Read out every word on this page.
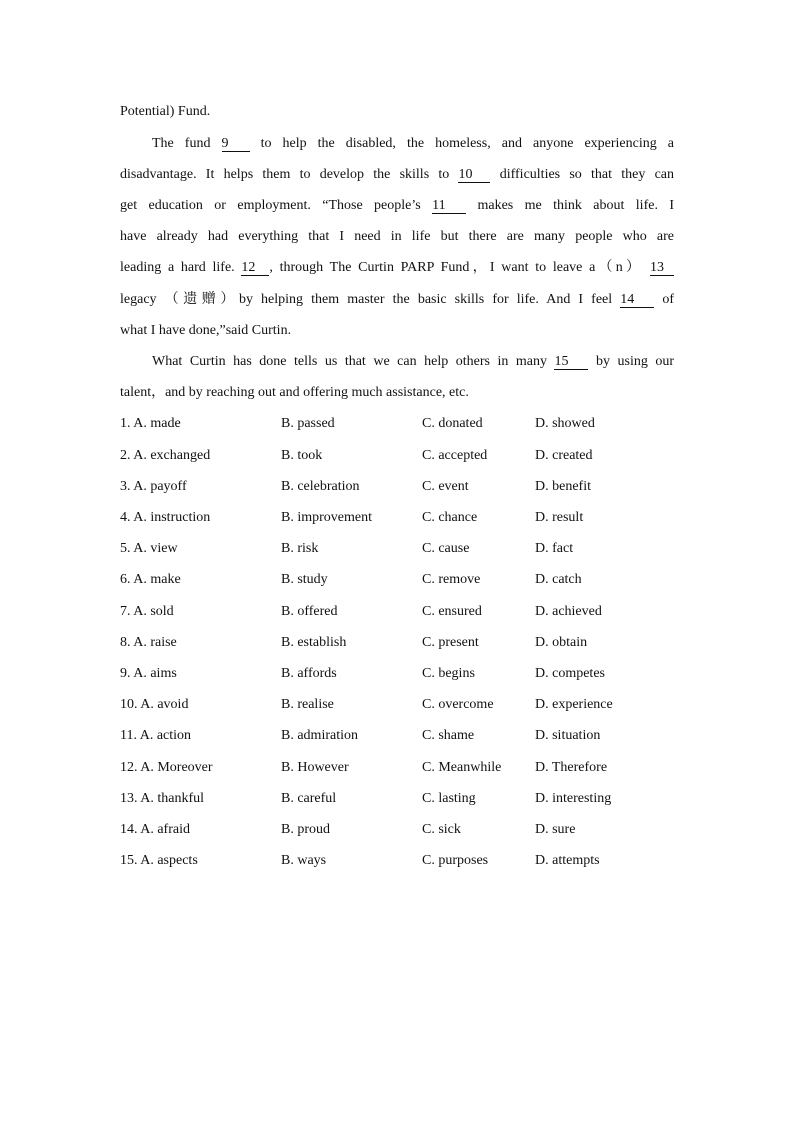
Potential) Fund.
The fund 9 to help the disabled, the homeless, and anyone experiencing a
disadvantage. It helps them to develop the skills to 10 difficulties so that they can
get education or employment. “Those people’s 11 makes me think about life. I
have already had everything that I need in life but there are many people who are
leading a hard life. 12 , through The Curtin PARP Fund，I want to leave a（n） 13
legacy （遗赠）by helping them master the basic skills for life. And I feel 14 of
what I have done,”said Curtin.
What Curtin has done tells us that we can help others in many 15 by using our
talent，and by reaching out and offering much assistance, etc.
1. A. made	B. passed	C. donated	D. showed
2. A. exchanged	B. took	C. accepted	D. created
3. A. payoff	B. celebration	C. event	D. benefit
4. A. instruction	B. improvement	C. chance	D. result
5. A. view	B. risk	C. cause	D. fact
6. A. make	B. study	C. remove	D. catch
7. A. sold	B. offered	C. ensured	D. achieved
8. A. raise	B. establish	C. present	D. obtain
9. A. aims	B. affords	C. begins	D. competes
10. A. avoid	B. realise	C. overcome	D. experience
11. A. action	B. admiration	C. shame	D. situation
12. A. Moreover	B. However	C. Meanwhile D. Therefore
13. A. thankful	B. careful	C. lasting	D. interesting
14. A. afraid	B. proud	C. sick	D. sure
15. A. aspects	B. ways	C. purposes	D. attempts
